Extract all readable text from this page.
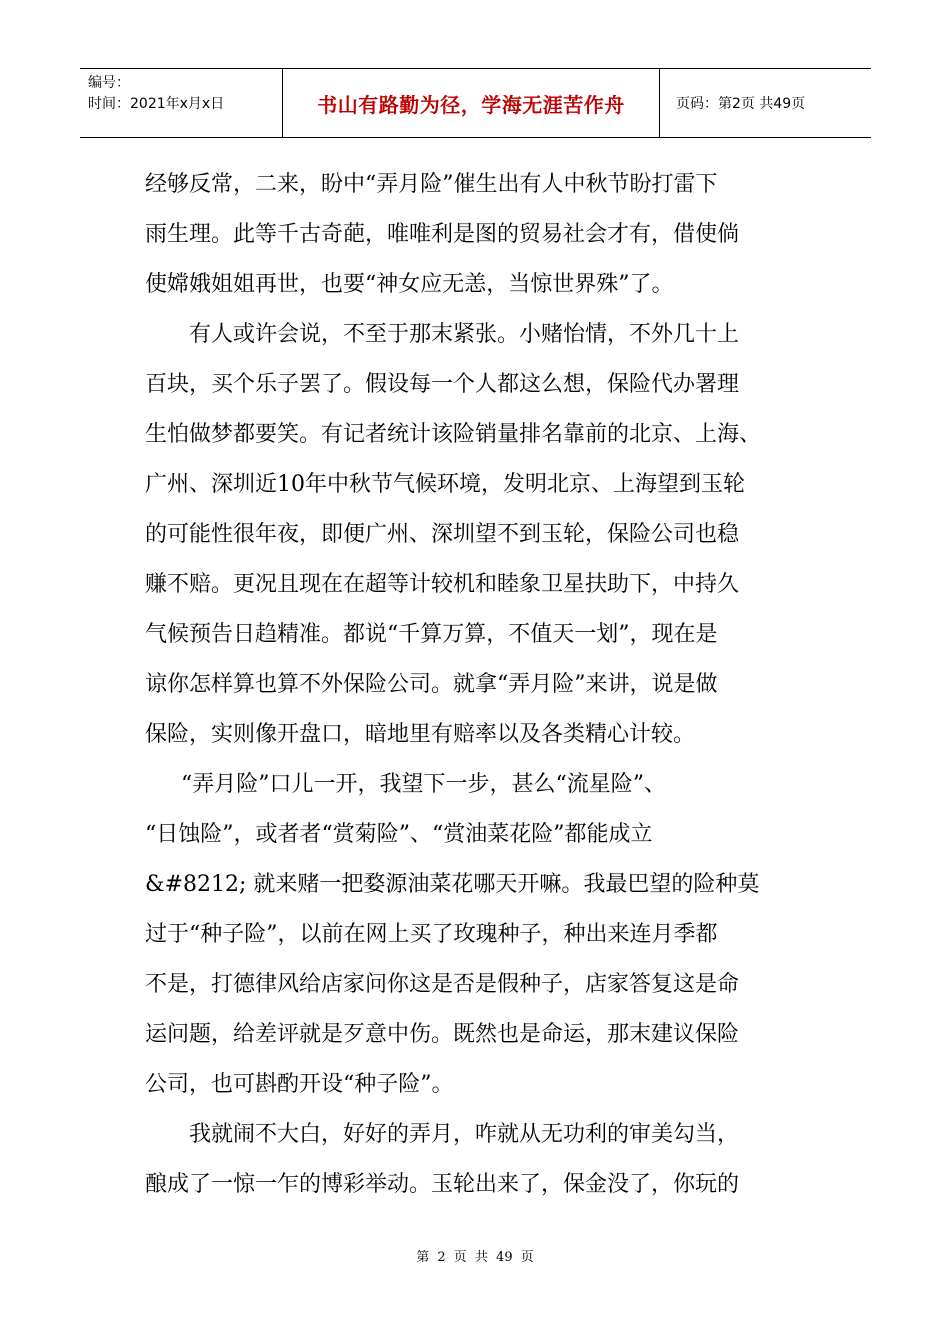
编号：
时间：2021年x月x日	书山有路勤为径，学海无涯苦作舟	页码：第2页 共49页
经够反常，二来，盼中“弄月险”催生出有人中秋节盼打雷下
雨生理。此等千古奇葩，唯唯利是图的贸易社会才有，借使倘
使嫦娥姐姐再世，也要“神女应无恙，当惊世界殊”了。
有人或许会说，不至于那末紧张。小赌怡情，不外几十上
百块，买个乐子罢了。假设每一个人都这么想，保险代办署理
生怕做梦都要笑。有记者统计该险销量排名靠前的北京、上海、
广州、深圳近10年中秋节气候环境，发明北京、上海望到玉轮
的可能性很年夜，即便广州、深圳望不到玉轮，保险公司也稳
赚不赔。更况且现在在超等计较机和睦象卫星扶助下，中持久
气候预告日趋精准。都说“千算万算，不值天一划”，现在是
谅你怎样算也算不外保险公司。就拿“弄月险”来讲，说是做
保险，实则像开盘口，暗地里有赔率以及各类精心计较。
“弄月险”口儿一开，我望下一步，甚么“流星险”、
“日蚀险”，或者者“赏菊险”、“赏油菜花险”都能成立
&#8212; 就来赌一把婺源油菜花哪天开嘛。我最巴望的险种莫
过于“种子险”，以前在网上买了玫瑰种子，种出来连月季都
不是，打德律风给店家问你这是否是假种子，店家答复这是命
运问题，给差评就是歹意中伤。既然也是命运，那末建议保险
公司，也可斟酌开设“种子险”。
我就闹不大白，好好的弄月，咋就从无功利的审美勾当，
酿成了一惊一乍的博彩举动。玉轮出来了，保金没了，你玩的
第 2 页 共 49 页
